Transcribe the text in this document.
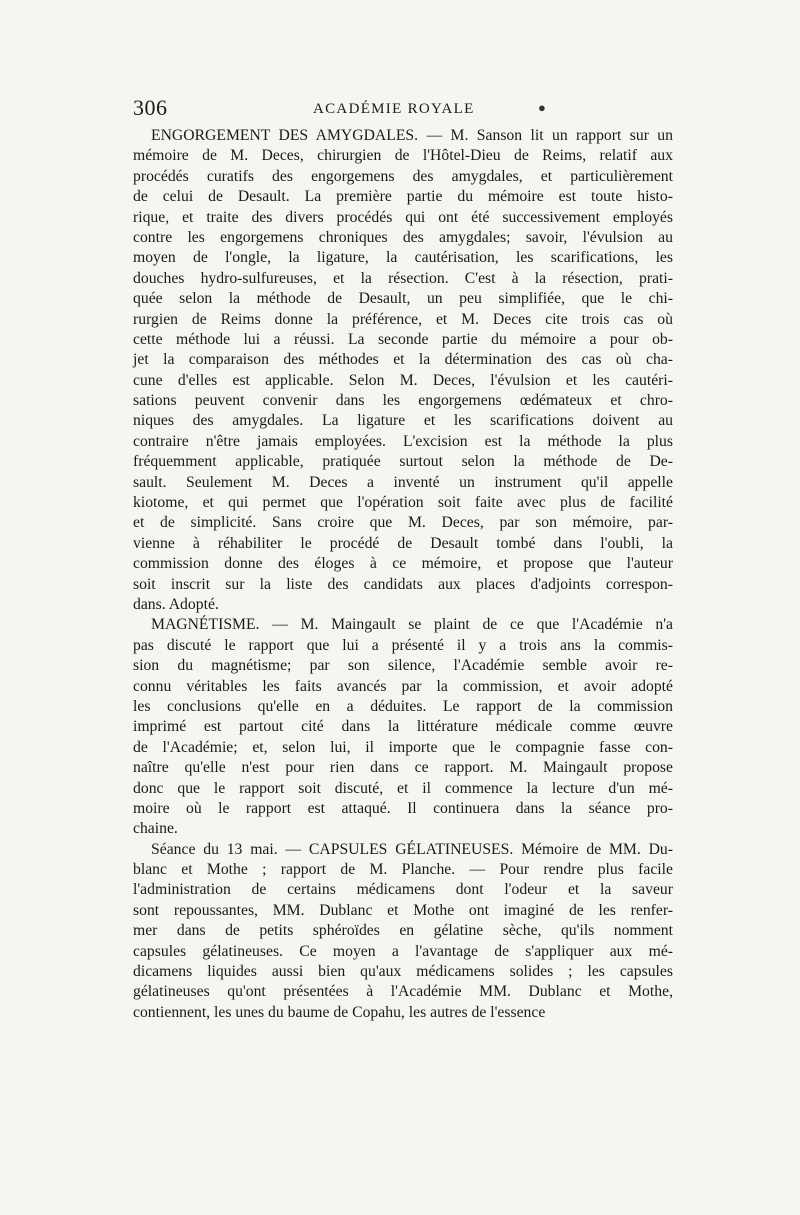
306	ACADÉMIE ROYALE	●
ENGORGEMENT DES AMYGDALES. — M. Sanson lit un rapport sur un
mémoire de M. Deces, chirurgien de l'Hôtel-Dieu de Reims, relatif aux
procédés curatifs des engorgemens des amygdales, et particulièrement
de celui de Desault. La première partie du mémoire est toute histo-
rique, et traite des divers procédés qui ont été successivement employés
contre les engorgemens chroniques des amygdales; savoir, l'évulsion au
moyen de l'ongle, la ligature, la cautérisation, les scarifications, les
douches hydro-sulfureuses, et la résection. C'est à la résection, prati-
quée selon la méthode de Desault, un peu simplifiée, que le chi-
rurgien de Reims donne la préférence, et M. Deces cite trois cas où
cette méthode lui a réussi. La seconde partie du mémoire a pour ob-
jet la comparaison des méthodes et la détermination des cas où cha-
cune d'elles est applicable. Selon M. Deces, l'évulsion et les cautéri-
sations peuvent convenir dans les engorgemens œdémateux et chro-
niques des amygdales. La ligature et les scarifications doivent au
contraire n'être jamais employées. L'excision est la méthode la plus
fréquemment applicable, pratiquée surtout selon la méthode de De-
sault. Seulement M. Deces a inventé un instrument qu'il appelle
kiotome, et qui permet que l'opération soit faite avec plus de facilité
et de simplicité. Sans croire que M. Deces, par son mémoire, par-
vienne à réhabiliter le procédé de Desault tombé dans l'oubli, la
commission donne des éloges à ce mémoire, et propose que l'auteur
soit inscrit sur la liste des candidats aux places d'adjoints correspon-
dans. Adopté.
MAGNÉTISME. — M. Maingault se plaint de ce que l'Académie n'a
pas discuté le rapport que lui a présenté il y a trois ans la commis-
sion du magnétisme; par son silence, l'Académie semble avoir re-
connu véritables les faits avancés par la commission, et avoir adopté
les conclusions qu'elle en a déduites. Le rapport de la commission
imprimé est partout cité dans la littérature médicale comme œuvre
de l'Académie; et, selon lui, il importe que le compagnie fasse con-
naître qu'elle n'est pour rien dans ce rapport. M. Maingault propose
donc que le rapport soit discuté, et il commence la lecture d'un mé-
moire où le rapport est attaqué. Il continuera dans la séance pro-
chaine.
Séance du 13 mai. — CAPSULES GÉLATINEUSES. Mémoire de MM. Du-
blanc et Mothe ; rapport de M. Planche. — Pour rendre plus facile
l'administration de certains médicamens dont l'odeur et la saveur
sont repoussantes, MM. Dublanc et Mothe ont imaginé de les renfer-
mer dans de petits sphéroïdes en gélatine sèche, qu'ils nomment
capsules gélatineuses. Ce moyen a l'avantage de s'appliquer aux mé-
dicamens liquides aussi bien qu'aux médicamens solides ; les capsules
gélatineuses qu'ont présentées à l'Académie MM. Dublanc et Mothe,
contiennent, les unes du baume de Copahu, les autres de l'essence
